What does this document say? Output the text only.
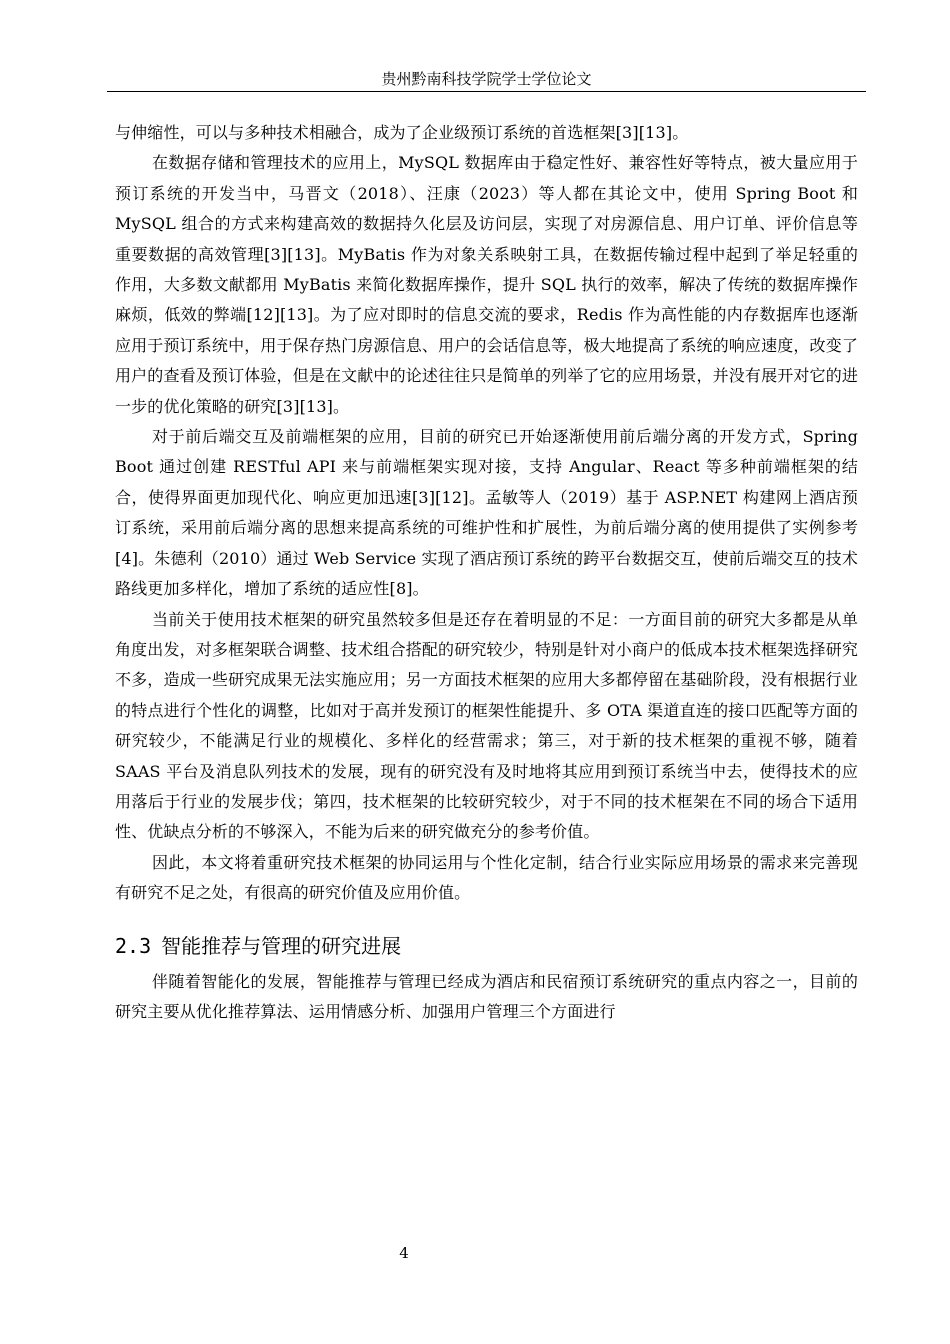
贵州黔南科技学院学士学位论文

与伸缩性，可以与多种技术相融合，成为了企业级预订系统的首选框架[3][13]。

在数据存储和管理技术的应用上，MySQL 数据库由于稳定性好、兼容性好等特点，被大量应用于预订系统的开发当中，马晋文（2018）、汪康（2023）等人都在其论文中，使用 Spring Boot 和 MySQL 组合的方式来构建高效的数据持久化层及访问层，实现了对房源信息、用户订单、评价信息等重要数据的高效管理[3][13]。MyBatis 作为对象关系映射工具，在数据传输过程中起到了举足轻重的作用，大多数文献都用 MyBatis 来简化数据库操作，提升 SQL 执行的效率，解决了传统的数据库操作麻烦，低效的弊端[12][13]。为了应对即时的信息交流的要求，Redis 作为高性能的内存数据库也逐渐应用于预订系统中，用于保存热门房源信息、用户的会话信息等，极大地提高了系统的响应速度，改变了用户的查看及预订体验，但是在文献中的论述往往只是简单的列举了它的应用场景，并没有展开对它的进一步的优化策略的研究[3][13]。

对于前后端交互及前端框架的应用，目前的研究已开始逐渐使用前后端分离的开发方式，Spring Boot 通过创建 RESTful API 来与前端框架实现对接，支持 Angular、React 等多种前端框架的结合，使得界面更加现代化、响应更加迅速[3][12]。孟敏等人（2019）基于 ASP.NET 构建网上酒店预订系统，采用前后端分离的思想来提高系统的可维护性和扩展性，为前后端分离的使用提供了实例参考[4]。朱德利（2010）通过 Web Service 实现了酒店预订系统的跨平台数据交互，使前后端交互的技术路线更加多样化，增加了系统的适应性[8]。

当前关于使用技术框架的研究虽然较多但是还存在着明显的不足：一方面目前的研究大多都是从单角度出发，对多框架联合调整、技术组合搭配的研究较少，特别是针对小商户的低成本技术框架选择研究不多，造成一些研究成果无法实施应用；另一方面技术框架的应用大多都停留在基础阶段，没有根据行业的特点进行个性化的调整，比如对于高并发预订的框架性能提升、多 OTA 渠道直连的接口匹配等方面的研究较少，不能满足行业的规模化、多样化的经营需求；第三，对于新的技术框架的重视不够，随着 SAAS 平台及消息队列技术的发展，现有的研究没有及时地将其应用到预订系统当中去，使得技术的应用落后于行业的发展步伐；第四，技术框架的比较研究较少，对于不同的技术框架在不同的场合下适用性、优缺点分析的不够深入，不能为后来的研究做充分的参考价值。

因此，本文将着重研究技术框架的协同运用与个性化定制，结合行业实际应用场景的需求来完善现有研究不足之处，有很高的研究价值及应用价值。

2.3 智能推荐与管理的研究进展

伴随着智能化的发展，智能推荐与管理已经成为酒店和民宿预订系统研究的重点内容之一，目前的研究主要从优化推荐算法、运用情感分析、加强用户管理三个方面进行

4
